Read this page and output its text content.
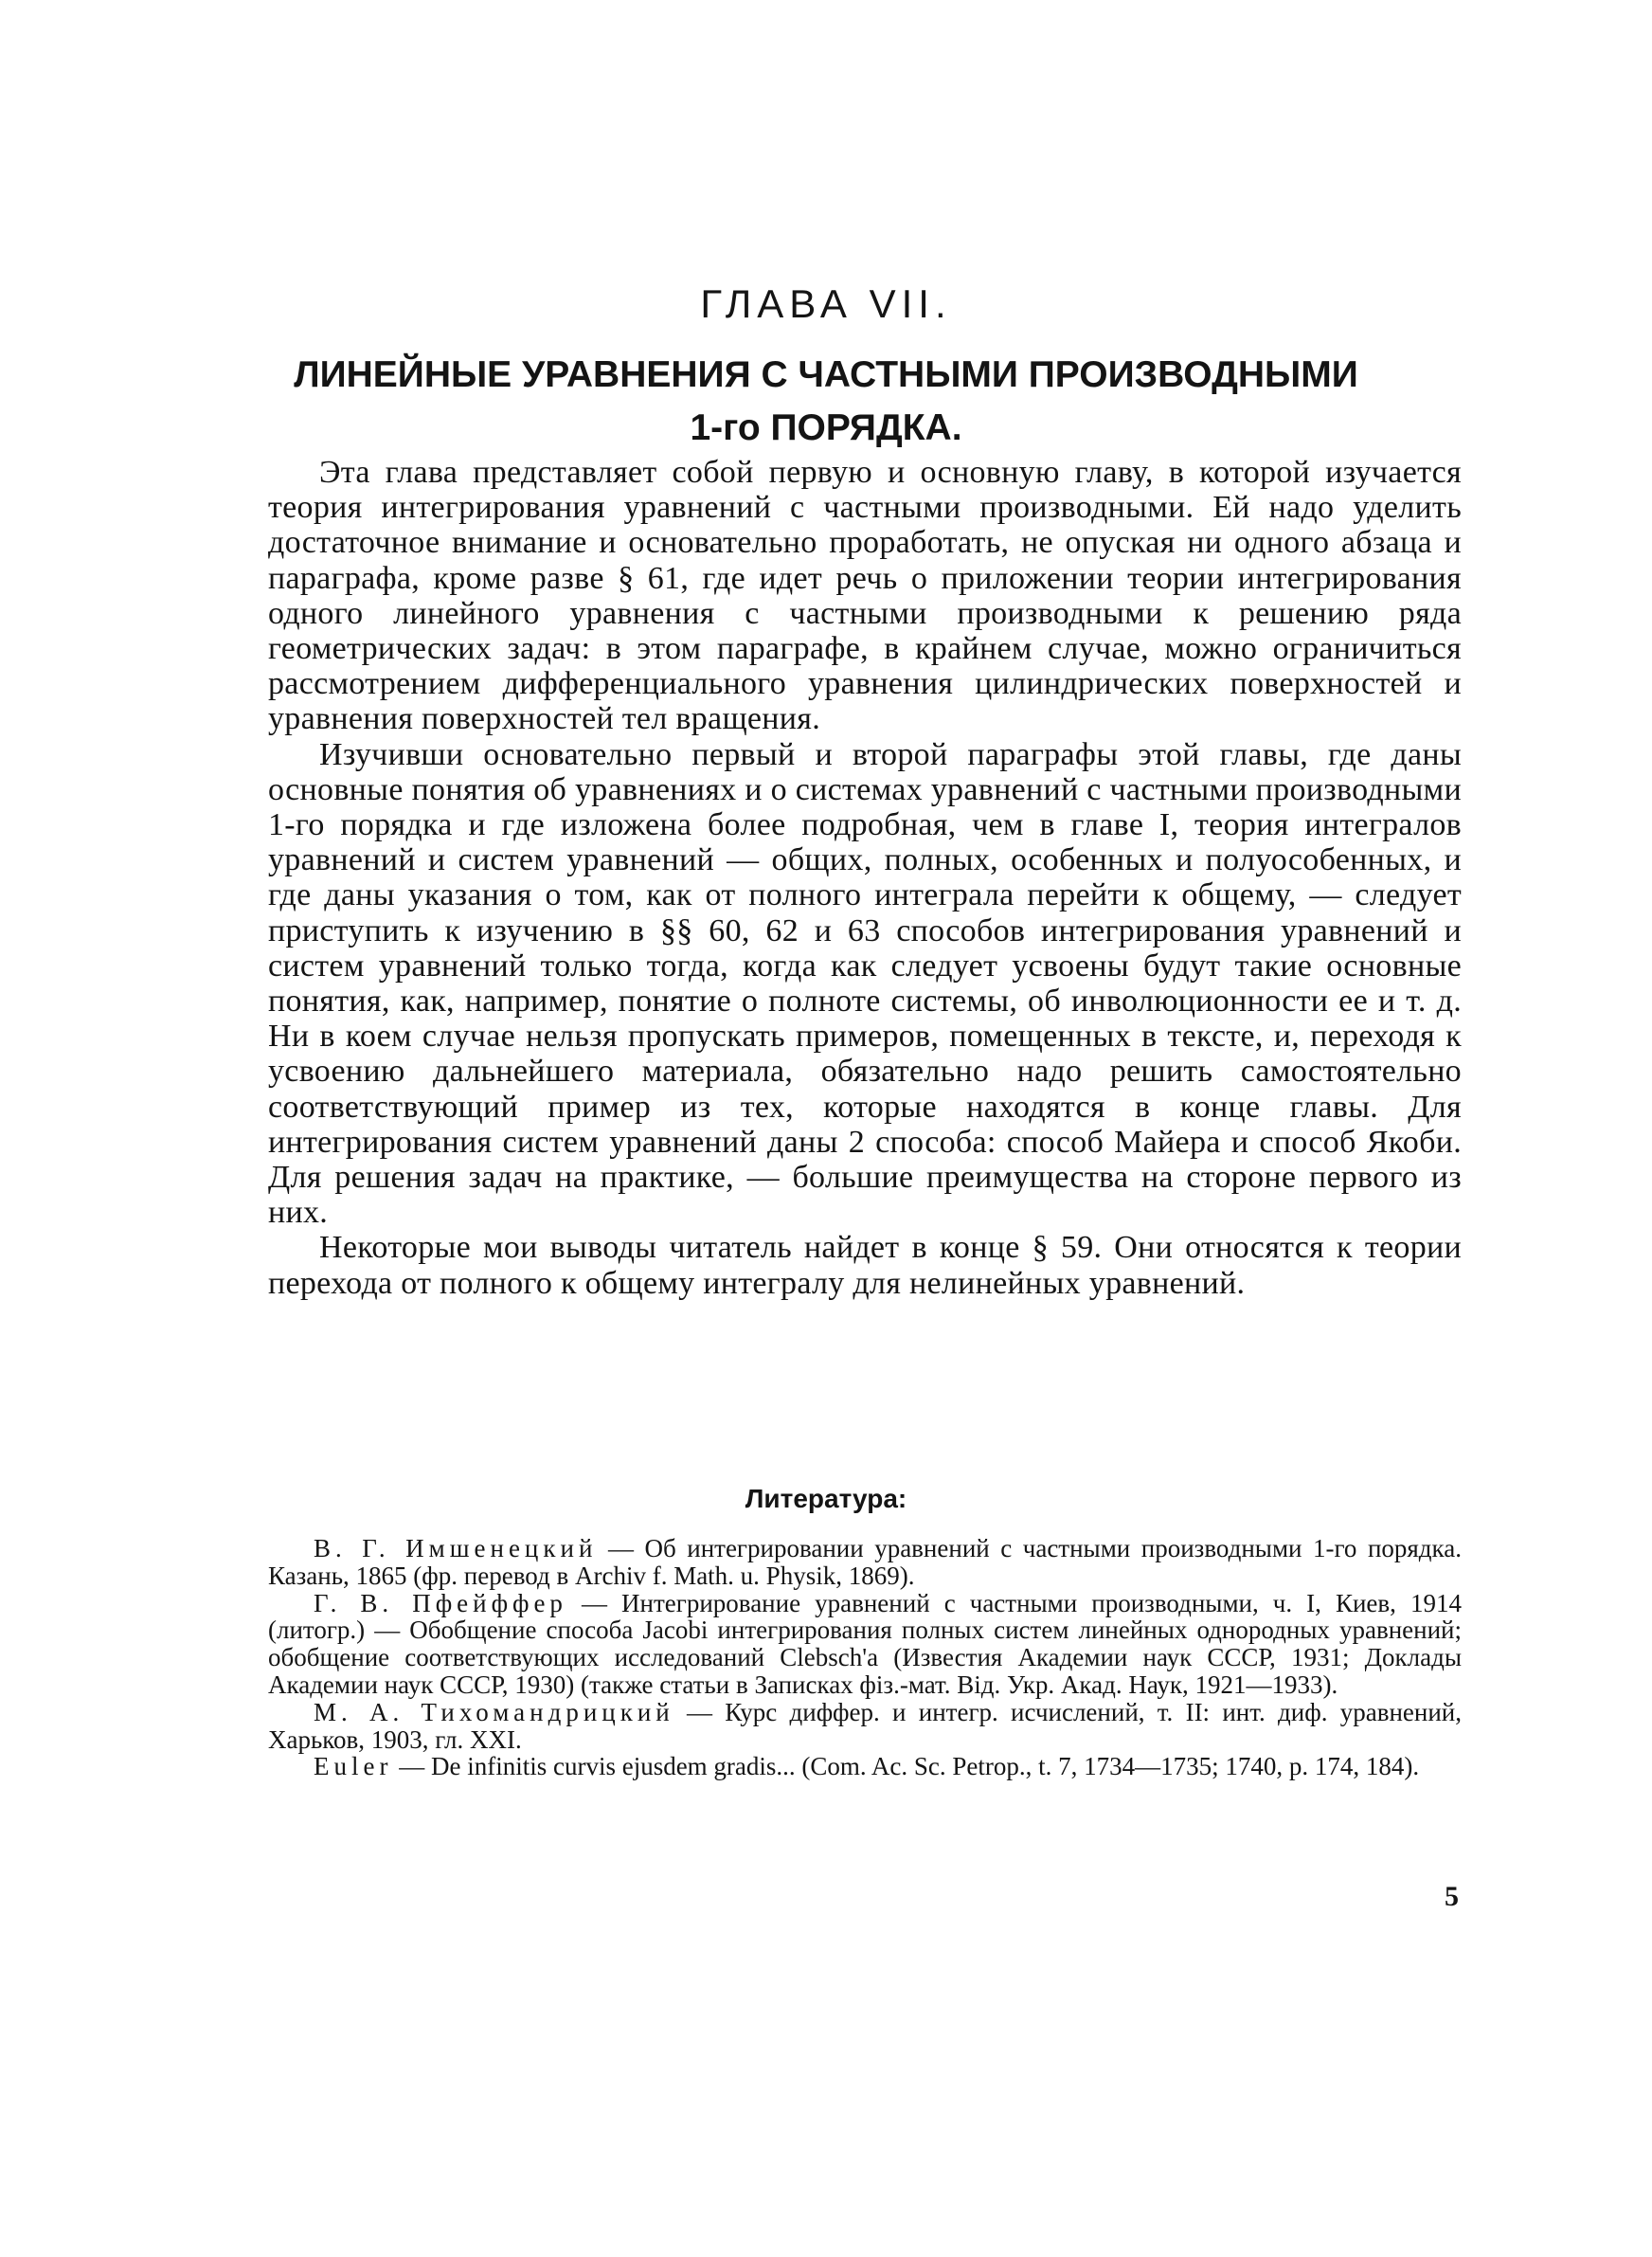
ГЛАВА VII.
ЛИНЕЙНЫЕ УРАВНЕНИЯ С ЧАСТНЫМИ ПРОИЗВОДНЫМИ
1-го ПОРЯДКА.

Эта глава представляет собой первую и основную главу, в которой изучается теория интегрирования уравнений с частными производными. Ей надо уделить достаточное внимание и основательно проработать, не опуская ни одного абзаца и параграфа, кроме разве § 61, где идет речь о приложении теории интегрирования одного линейного уравнения с частными производными к решению ряда геометрических задач: в этом параграфе, в крайнем случае, можно ограничиться рассмотрением дифференциального уравнения цилиндрических поверхностей и уравнения поверхностей тел вращения.

Изучивши основательно первый и второй параграфы этой главы, где даны основные понятия об уравнениях и о системах уравнений с частными производными 1-го порядка и где изложена более подробная, чем в главе I, теория интегралов уравнений и систем уравнений — общих, полных, особенных и полуособенных, и где даны указания о том, как от полного интеграла перейти к общему, — следует приступить к изучению в §§ 60, 62 и 63 способов интегрирования уравнений и систем уравнений только тогда, когда как следует усвоены будут такие основные понятия, как, например, понятие о полноте системы, об инволюционности ее и т. д. Ни в коем случае нельзя пропускать примеров, помещенных в тексте, и, переходя к усвоению дальнейшего материала, обязательно надо решить самостоятельно соответствующий пример из тех, которые находятся в конце главы. Для интегрирования систем уравнений даны 2 способа: способ Майера и способ Якоби. Для решения задач на практике, — большие преимущества на стороне первого из них.

Некоторые мои выводы читатель найдет в конце § 59. Они относятся к теории перехода от полного к общему интегралу для нелинейных уравнений.

Литература:

В. Г. Имшенецкий — Об интегрировании уравнений с частными производными 1-го порядка. Казань, 1865 (фр. перевод в Archiv f. Math. u. Physik, 1869).

Г. В. Пфейффер — Интегрирование уравнений с частными производными, ч. I, Киев, 1914 (литогр.) — Обобщение способа Jacobi интегрирования полных систем линейных однородных уравнений; обобщение соответствующих исследований Clebsch'a (Известия Академии наук СССР, 1931; Доклады Академии наук СССР, 1930) (также статьи в Записках фіз.-мат. Від. Укр. Акад. Наук, 1921—1933).

М. А. Тихомандрицкий — Курс диффер. и интегр. исчислений, т. II: инт. диф. уравнений, Харьков, 1903, гл. XXI.

Euler — De infinitis curvis ejusdem gradis... (Com. Ac. Sc. Petrop., t. 7, 1734—1735; 1740, p. 174, 184).

5
